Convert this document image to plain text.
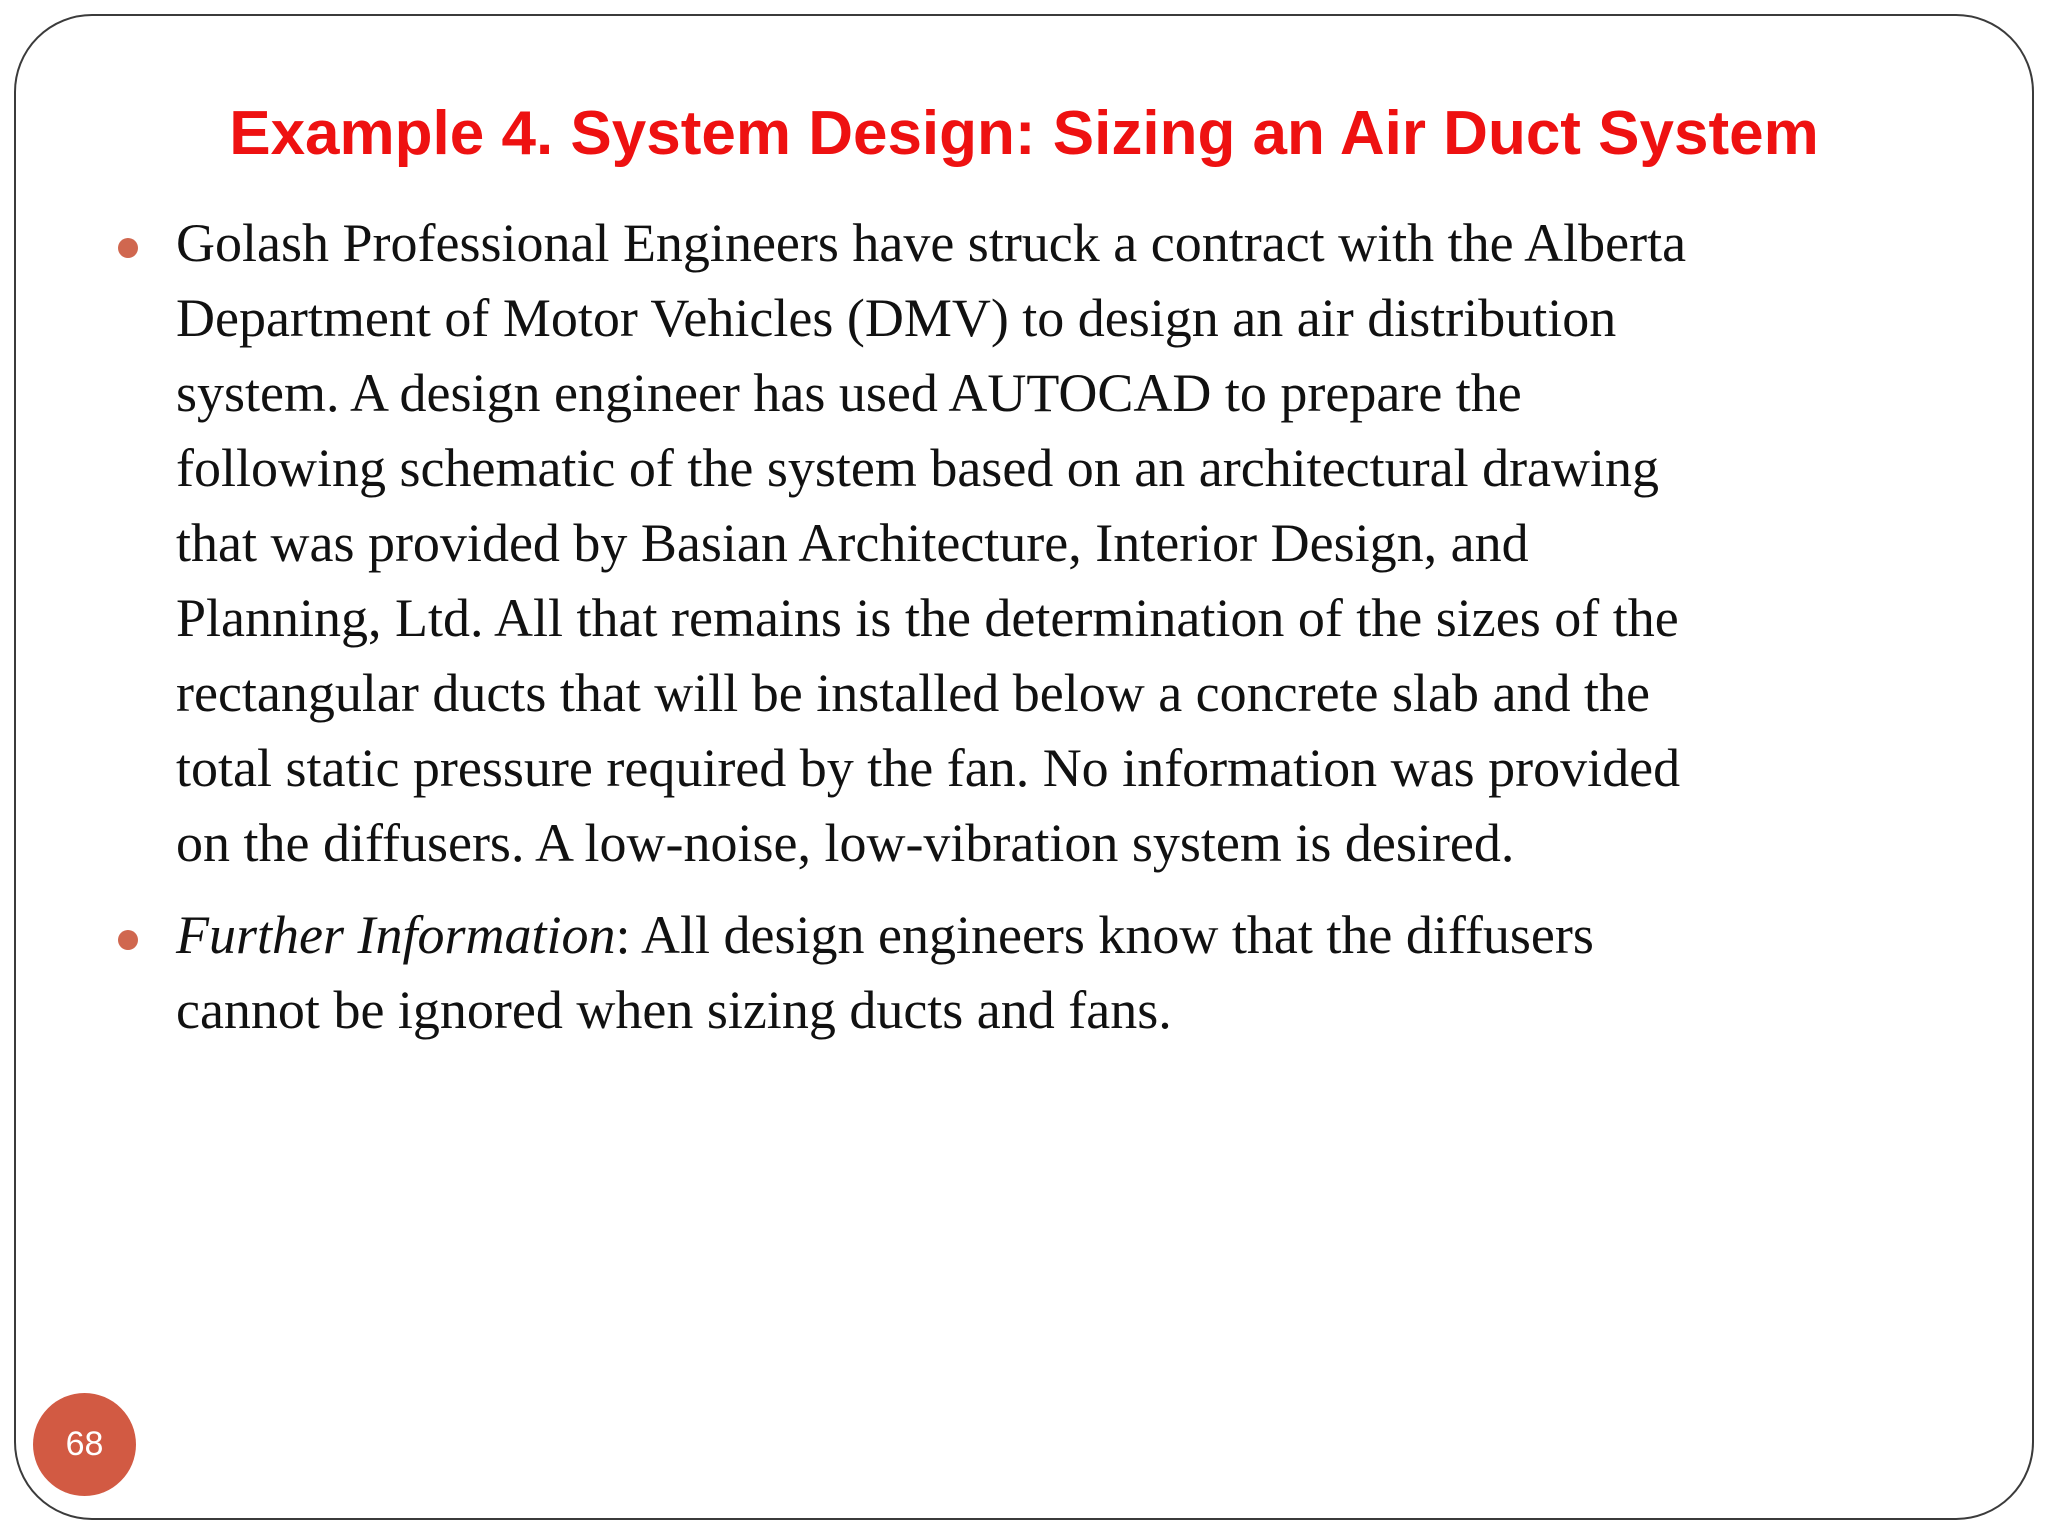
Example 4. System Design: Sizing an Air Duct System
Golash Professional Engineers have struck a contract with the Alberta
Department of Motor Vehicles (DMV) to design an air distribution
system. A design engineer has used AUTOCAD to prepare the
following schematic of the system based on an architectural drawing
that was provided by Basian Architecture, Interior Design, and
Planning, Ltd. All that remains is the determination of the sizes of the
rectangular ducts that will be installed below a concrete slab and the
total static pressure required by the fan. No information was provided
on the diffusers. A low-noise, low-vibration system is desired.
Further Information: All design engineers know that the diffusers
cannot be ignored when sizing ducts and fans.
68
